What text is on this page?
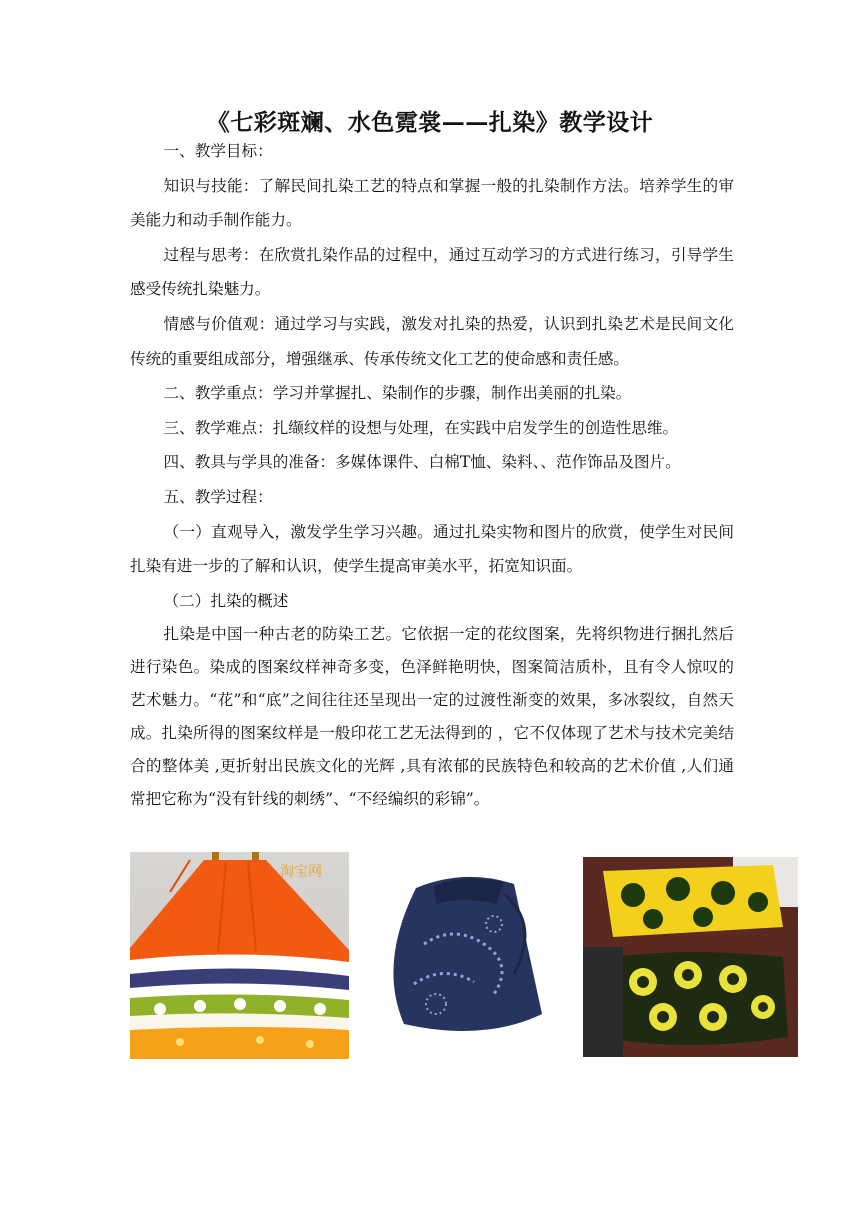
《七彩斑斓、水色霓裳——扎染》教学设计

一、教学目标：

知识与技能：了解民间扎染工艺的特点和掌握一般的扎染制作方法。培养学生的审美能力和动手制作能力。

过程与思考：在欣赏扎染作品的过程中，通过互动学习的方式进行练习，引导学生感受传统扎染魅力。

情感与价值观：通过学习与实践，激发对扎染的热爱，认识到扎染艺术是民间文化传统的重要组成部分，增强继承、传承传统文化工艺的使命感和责任感。

二、教学重点：学习并掌握扎、染制作的步骤，制作出美丽的扎染。

三、教学难点：扎缬纹样的设想与处理，在实践中启发学生的创造性思维。

四、教具与学具的准备：多媒体课件、白棉T恤、染料、、范作饰品及图片。

五、教学过程：

（一）直观导入，激发学生学习兴趣。通过扎染实物和图片的欣赏，使学生对民间扎染有进一步的了解和认识，使学生提高审美水平，拓宽知识面。

（二）扎染的概述

扎染是中国一种古老的防染工艺。它依据一定的花纹图案，先将织物进行捆扎然后进行染色。染成的图案纹样神奇多变，色泽鲜艳明快，图案简洁质朴，且有令人惊叹的艺术魅力。“花”和“底”之间往往还呈现出一定的过渡性渐变的效果，多冰裂纹，自然天成。扎染所得的图案纹样是一般印花工艺无法得到的 ，它不仅体现了艺术与技术完美结合的整体美 ,更折射出民族文化的光辉 ,具有浓郁的民族特色和较高的艺术价值 ,人们通常把它称为“没有针线的刺绣”、“不经编织的彩锦”。

淘宝网
